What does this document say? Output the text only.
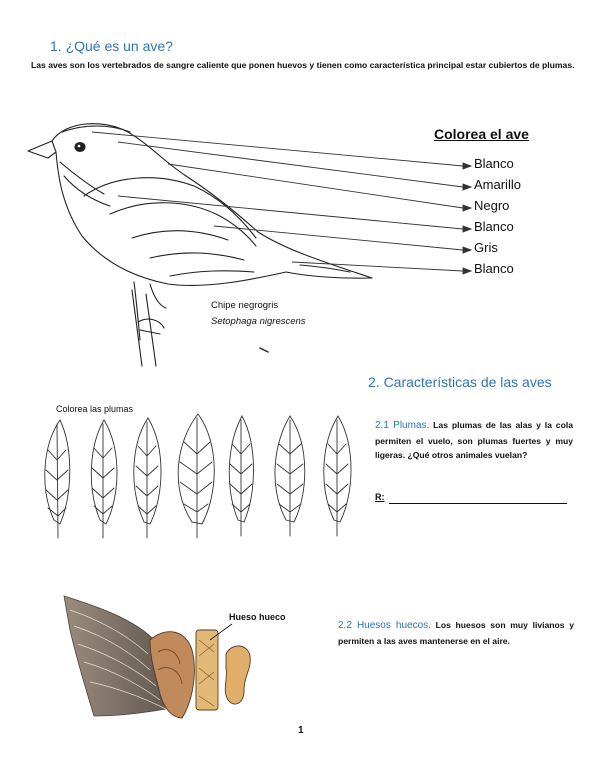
1. ¿Qué es un ave?
Las aves son los vertebrados de sangre caliente que ponen huevos y tienen como característica principal estar cubiertos de plumas.
Colorea el ave
Blanco
Amarillo
Negro
Blanco
Gris
Blanco
Chipe negrogris
Setophaga nigrescens
2. Características de las aves
Colorea las plumas
2.1 Plumas. Las plumas de las alas y la cola permiten el vuelo, son plumas fuertes y muy ligeras. ¿Qué otros animales vuelan?
R:
Hueso hueco
2.2 Huesos huecos. Los huesos son muy livianos y permiten a las aves mantenerse en el aire.
1
